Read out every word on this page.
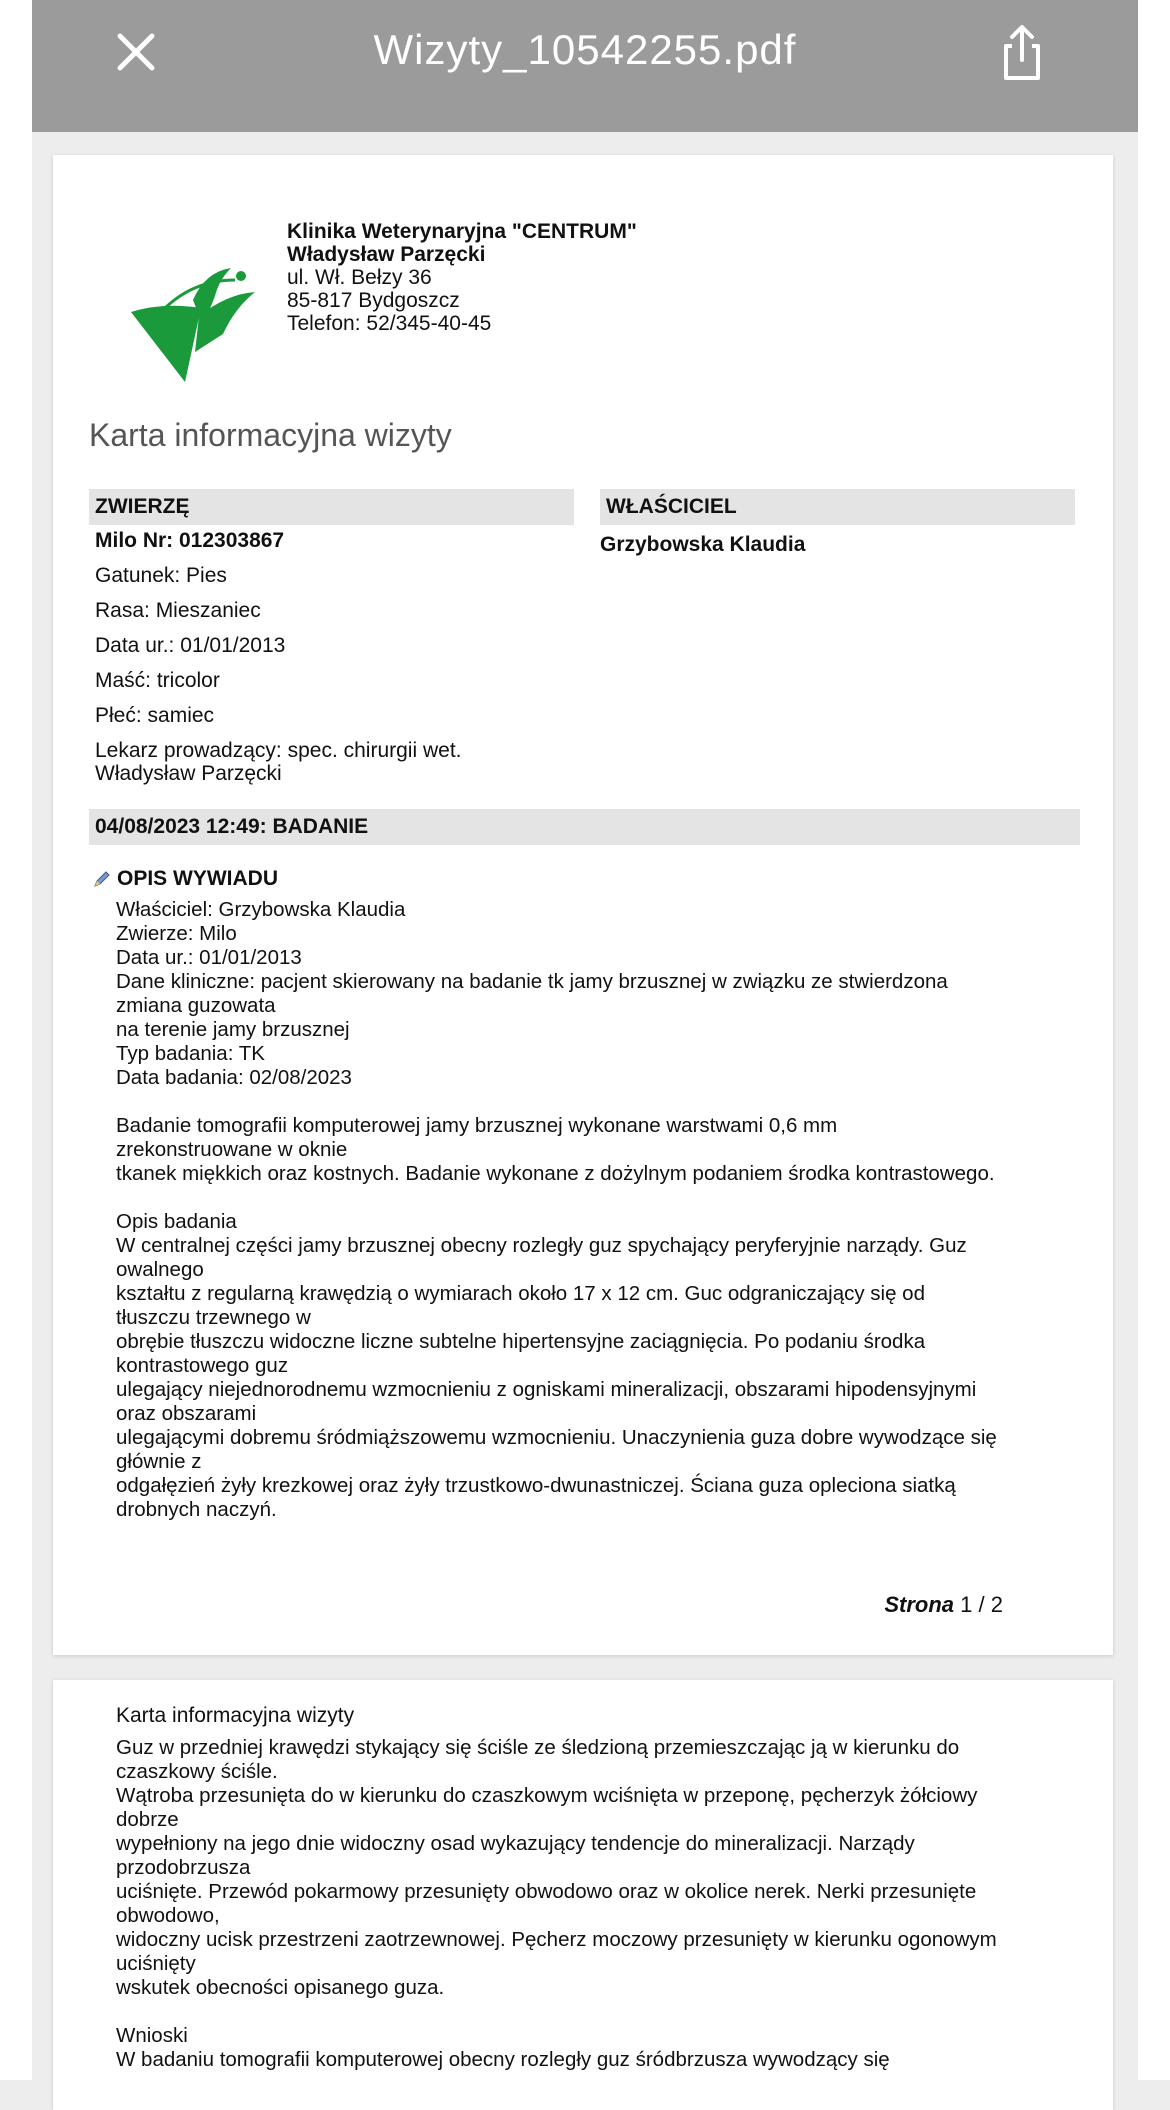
Wizyty_10542255.pdf
Klinika Weterynaryjna "CENTRUM"
Władysław Parzęcki
ul. Wł. Bełzy 36
85-817 Bydgoszcz
Telefon: 52/345-40-45
Karta informacyjna wizyty
ZWIERZĘ	WŁAŚCICIEL
Milo Nr: 012303867
Gatunek: Pies
Rasa: Mieszaniec
Data ur.: 01/01/2013
Maść: tricolor
Płeć: samiec
Lekarz prowadzący: spec. chirurgii wet.
Władysław Parzęcki
Grzybowska Klaudia
04/08/2023 12:49: BADANIE
OPIS WYWIADU
Właściciel: Grzybowska Klaudia
Zwierze: Milo
Data ur.: 01/01/2013
Dane kliniczne: pacjent skierowany na badanie tk jamy brzusznej w związku ze stwierdzona
zmiana guzowata
na terenie jamy brzusznej
Typ badania: TK
Data badania: 02/08/2023
Badanie tomografii komputerowej jamy brzusznej wykonane warstwami 0,6 mm
zrekonstruowane w oknie
tkanek miękkich oraz kostnych. Badanie wykonane z dożylnym podaniem środka kontrastowego.
Opis badania
W centralnej części jamy brzusznej obecny rozległy guz spychający peryferyjnie narządy. Guz
owalnego
kształtu z regularną krawędzią o wymiarach około 17 x 12 cm. Guc odgraniczający się od
tłuszczu trzewnego w
obrębie tłuszczu widoczne liczne subtelne hipertensyjne zaciągnięcia. Po podaniu środka
kontrastowego guz
ulegający niejednorodnemu wzmocnieniu z ogniskami mineralizacji, obszarami hipodensyjnymi
oraz obszarami
ulegającymi dobremu śródmiąższowemu wzmocnieniu. Unaczynienia guza dobre wywodzące się
głównie z
odgałęzień żyły krezkowej oraz żyły trzustkowo-dwunastniczej. Ściana guza opleciona siatką
drobnych naczyń.
Strona 1 / 2
Karta informacyjna wizyty
Guz w przedniej krawędzi stykający się ściśle ze śledzioną przemieszczając ją w kierunku do
czaszkowy ściśle.
Wątroba przesunięta do w kierunku do czaszkowym wciśnięta w przeponę, pęcherzyk żółciowy
dobrze
wypełniony na jego dnie widoczny osad wykazujący tendencje do mineralizacji. Narządy
przodobrzusza
uciśnięte. Przewód pokarmowy przesunięty obwodowo oraz w okolice nerek. Nerki przesunięte
obwodowo,
widoczny ucisk przestrzeni zaotrzewnowej. Pęcherz moczowy przesunięty w kierunku ogonowym
uciśnięty
wskutek obecności opisanego guza.
Wnioski
W badaniu tomografii komputerowej obecny rozległy guz śródbrzusza wywodzący się
